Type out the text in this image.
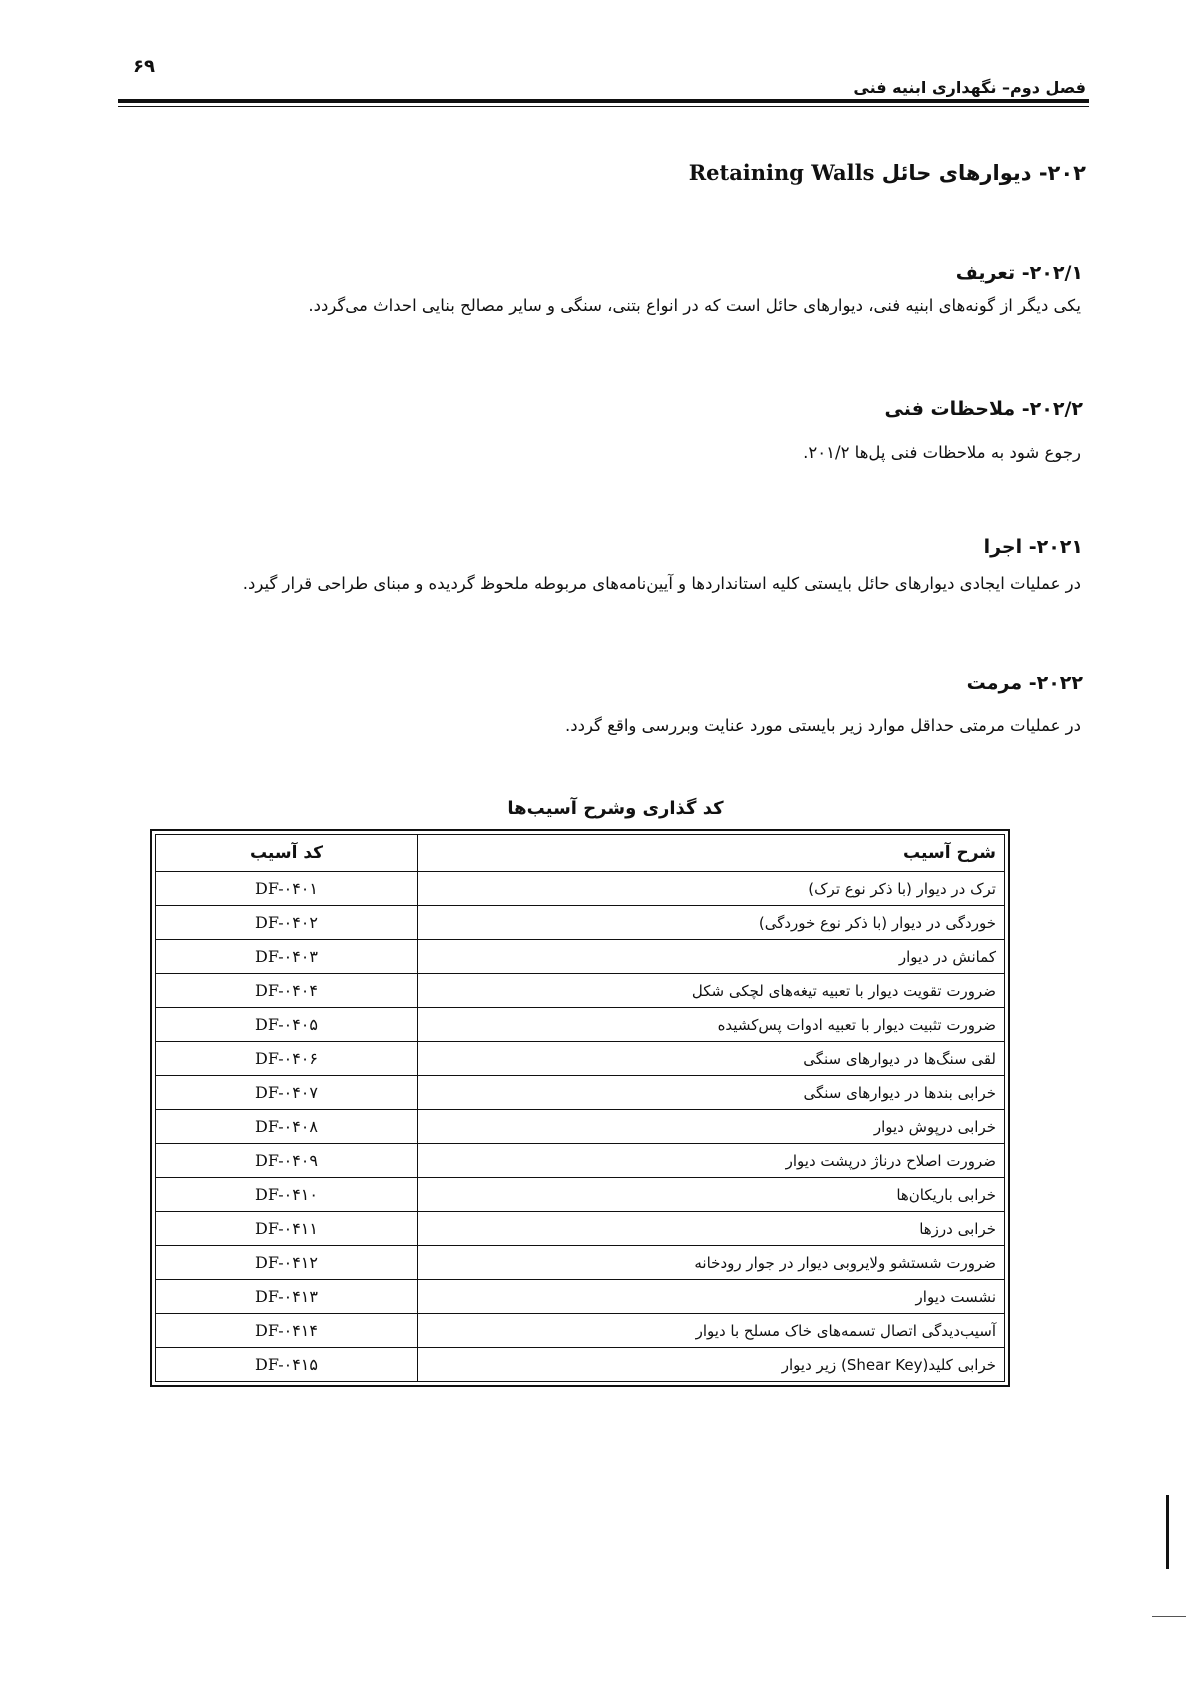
۶۹
فصل دوم– نگهداری ابنیه فنی
۲۰۲- دیوارهای حائل Retaining Walls
۲۰۲/۱- تعریف
یکی دیگر از گونه‌های ابنیه فنی، دیوارهای حائل است که در انواع بتنی، سنگی و سایر مصالح بنایی احداث می‌گردد.
۲۰۲/۲- ملاحظات فنی
رجوع شود به ملاحظات فنی پل‌ها ۲۰۱/۲.
۲۰۲۱- اجرا
در عملیات ایجادی دیوارهای حائل بایستی کلیه استانداردها و آیین‌نامه‌های مربوطه ملحوظ گردیده و مبنای طراحی قرار گیرد.
۲۰۲۲- مرمت
در عملیات مرمتی حداقل موارد زیر بایستی مورد عنایت وبررسی واقع گردد.
کد گذاری وشرح آسیب‌ها
شرح آسیب	کد آسیب
ترک در دیوار (با ذکر نوع ترک)	DF-۰۴۰۱
خوردگی در دیوار (با ذکر نوع خوردگی)	DF-۰۴۰۲
کمانش در دیوار	DF-۰۴۰۳
ضرورت تقویت دیوار با تعبیه تیغه‌های لچکی شکل	DF-۰۴۰۴
ضرورت تثبیت دیوار با تعبیه ادوات پس‌کشیده	DF-۰۴۰۵
لقی سنگ‌ها در دیوارهای سنگی	DF-۰۴۰۶
خرابی بندها در دیوارهای سنگی	DF-۰۴۰۷
خرابی درپوش دیوار	DF-۰۴۰۸
ضرورت اصلاح درناژ درپشت دیوار	DF-۰۴۰۹
خرابی باریکان‌ها	DF-۰۴۱۰
خرابی درزها	DF-۰۴۱۱
ضرورت شستشو ولایروبی دیوار در جوار رودخانه	DF-۰۴۱۲
نشست دیوار	DF-۰۴۱۳
آسیب‌دیدگی اتصال تسمه‌های خاک مسلح با دیوار	DF-۰۴۱۴
خرابی کلید(Shear Key) زیر دیوار	DF-۰۴۱۵
